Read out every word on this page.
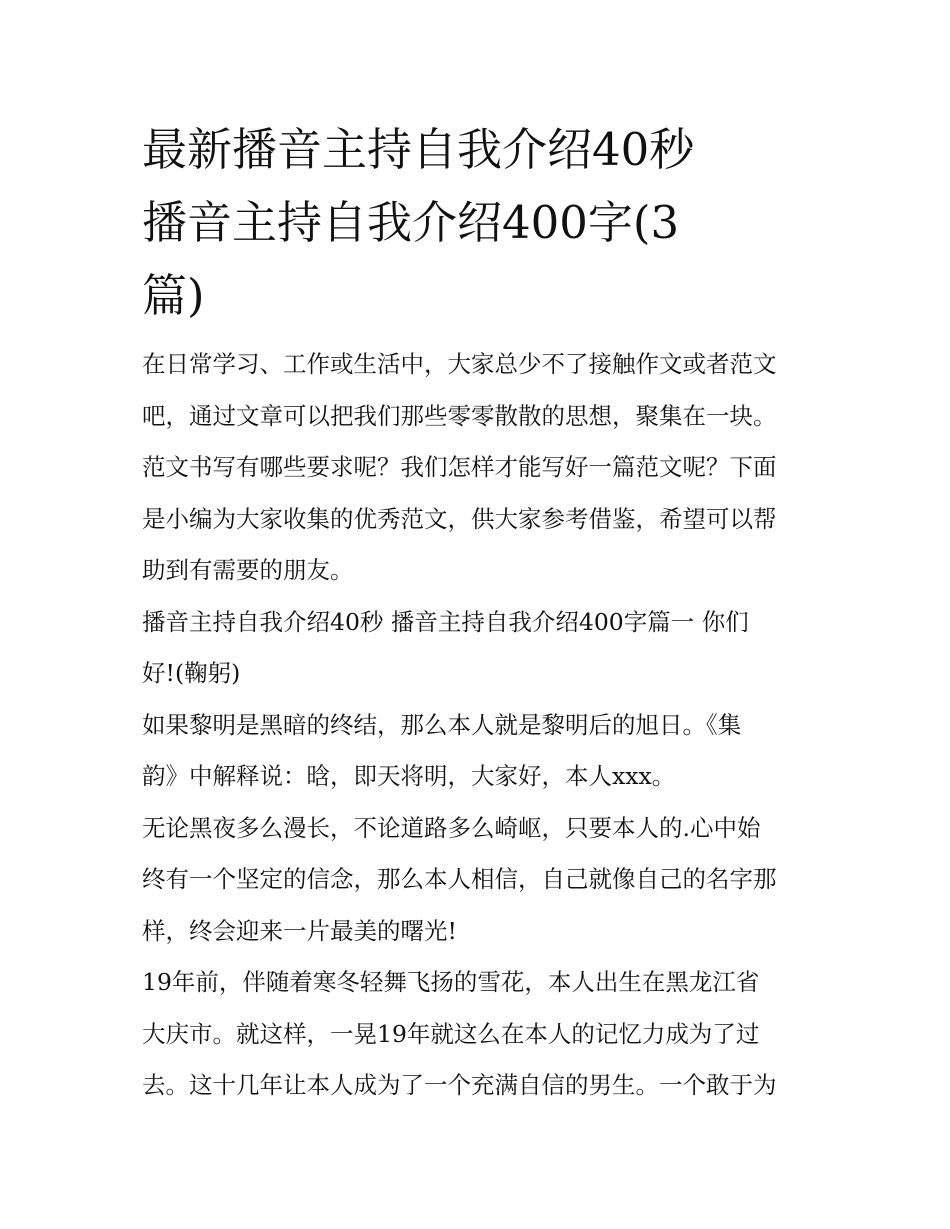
最新播音主持自我介绍40秒
播音主持自我介绍400字(3
篇)

在日常学习、工作或生活中，大家总少不了接触作文或者范文
吧，通过文章可以把我们那些零零散散的思想，聚集在一块。
范文书写有哪些要求呢？我们怎样才能写好一篇范文呢？下面
是小编为大家收集的优秀范文，供大家参考借鉴，希望可以帮
助到有需要的朋友。

播音主持自我介绍40秒 播音主持自我介绍400字篇一 你们
好!(鞠躬)

如果黎明是黑暗的终结，那么本人就是黎明后的旭日。《集
韵》中解释说：晗，即天将明，大家好，本人xxx。

无论黑夜多么漫长，不论道路多么崎岖，只要本人的.心中始
终有一个坚定的信念，那么本人相信，自己就像自己的名字那
样，终会迎来一片最美的曙光!

19年前，伴随着寒冬轻舞飞扬的雪花，本人出生在黑龙江省
大庆市。就这样，一晃19年就这么在本人的记忆力成为了过
去。这十几年让本人成为了一个充满自信的男生。一个敢于为
